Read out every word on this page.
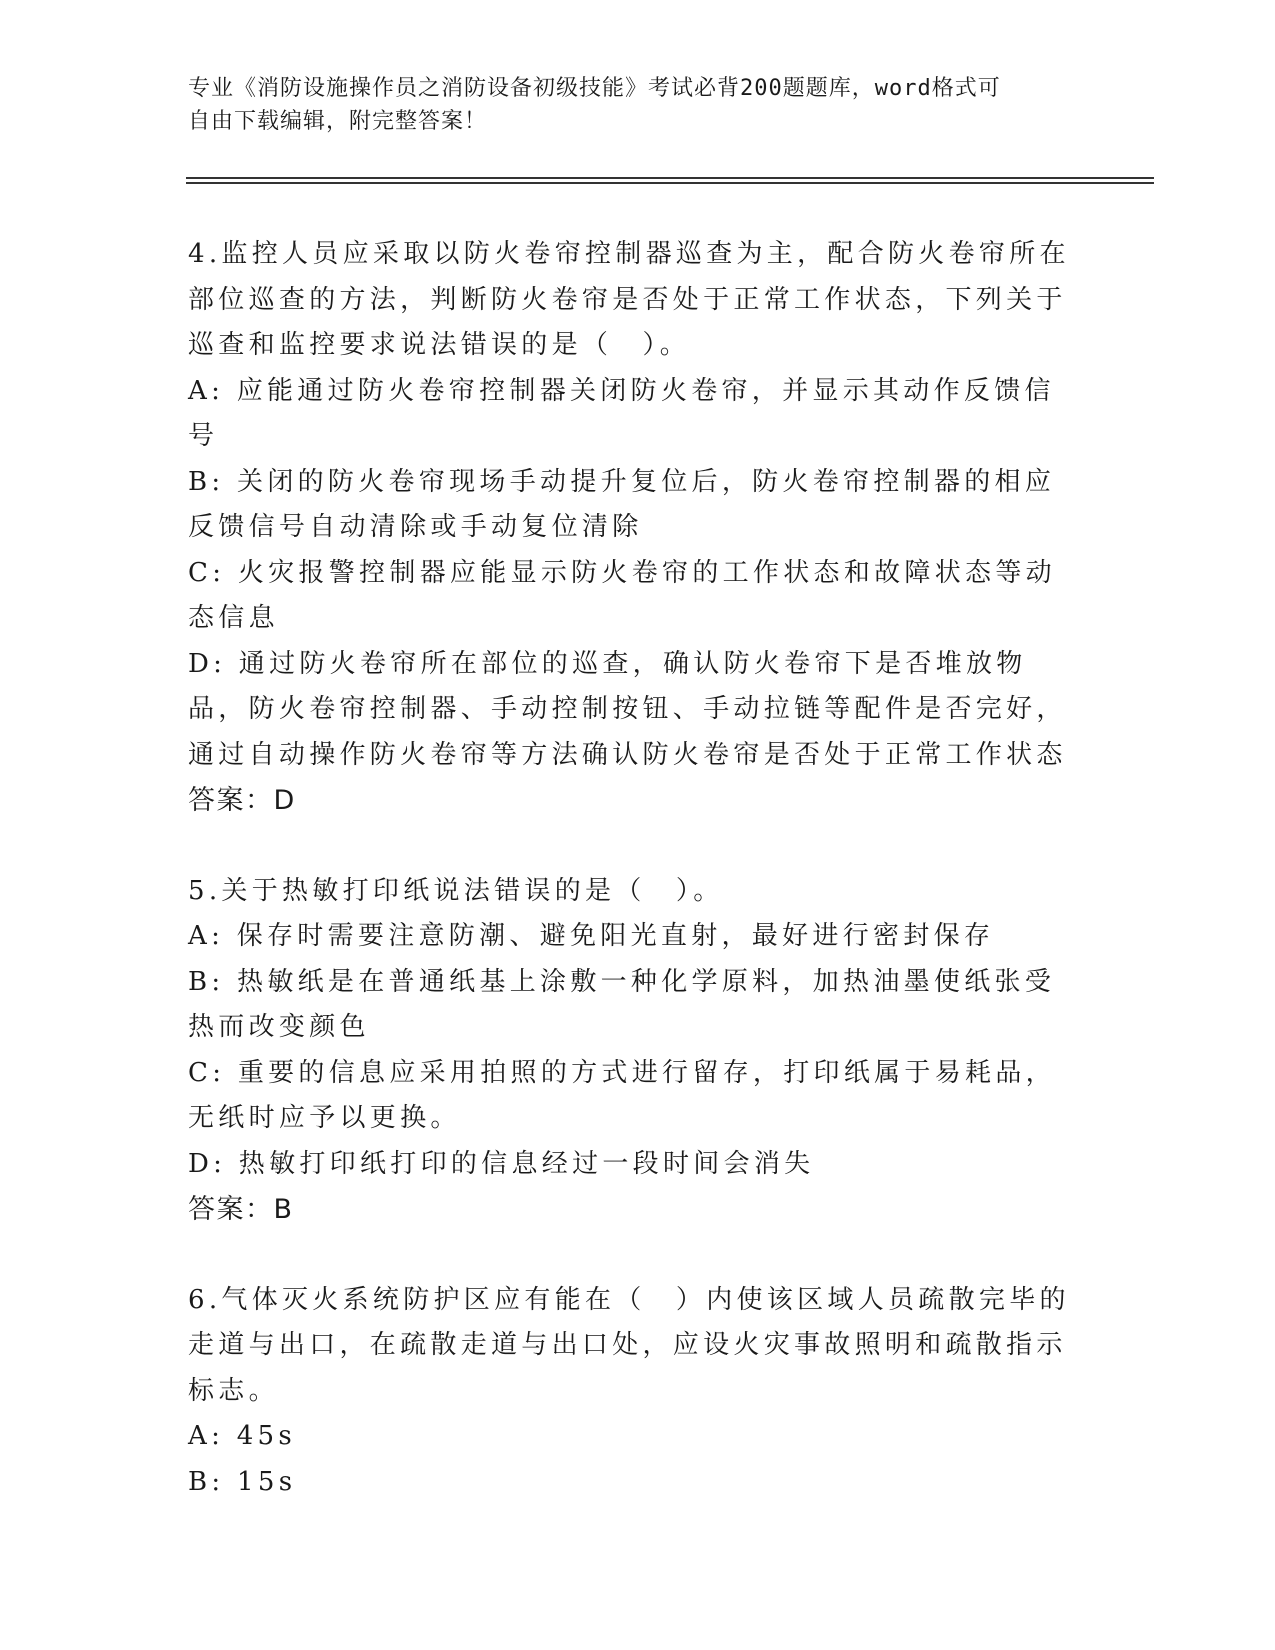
专业《消防设施操作员之消防设备初级技能》考试必背200题题库，word格式可
自由下载编辑，附完整答案！

4.监控人员应采取以防火卷帘控制器巡查为主，配合防火卷帘所在部位巡查的方法，判断防火卷帘是否处于正常工作状态，下列关于巡查和监控要求说法错误的是（　）。

A: 应能通过防火卷帘控制器关闭防火卷帘，并显示其动作反馈信号

B: 关闭的防火卷帘现场手动提升复位后，防火卷帘控制器的相应反馈信号自动清除或手动复位清除

C: 火灾报警控制器应能显示防火卷帘的工作状态和故障状态等动态信息

D: 通过防火卷帘所在部位的巡查，确认防火卷帘下是否堆放物品，防火卷帘控制器、手动控制按钮、手动拉链等配件是否完好，通过自动操作防火卷帘等方法确认防火卷帘是否处于正常工作状态

答案：D

5.关于热敏打印纸说法错误的是（　）。

A: 保存时需要注意防潮、避免阳光直射，最好进行密封保存

B: 热敏纸是在普通纸基上涂敷一种化学原料，加热油墨使纸张受热而改变颜色

C: 重要的信息应采用拍照的方式进行留存，打印纸属于易耗品，无纸时应予以更换。

D: 热敏打印纸打印的信息经过一段时间会消失

答案：B

6.气体灭火系统防护区应有能在（　）内使该区域人员疏散完毕的走道与出口，在疏散走道与出口处，应设火灾事故照明和疏散指示标志。

A: 45s

B: 15s
